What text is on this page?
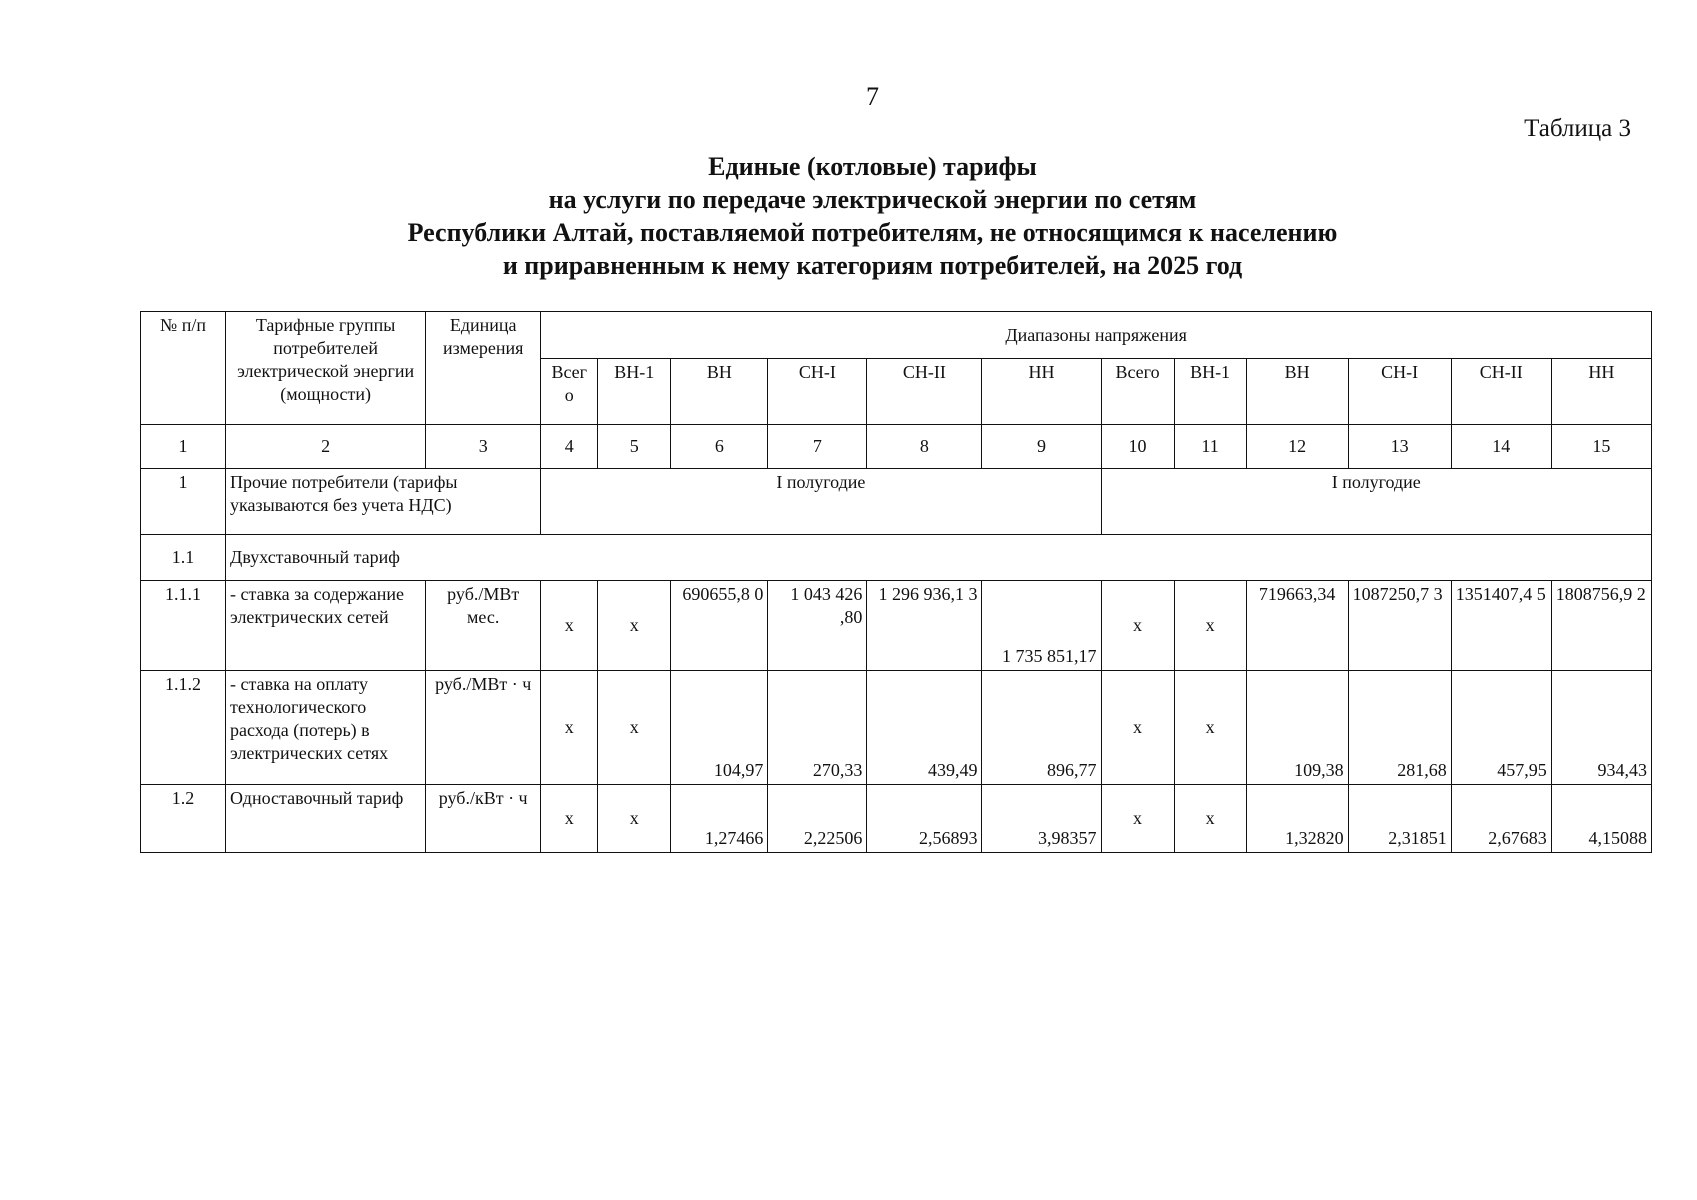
7
Таблица 3
Единые (котловые) тарифы
на услуги по передаче электрической энергии по сетям
Республики Алтай, поставляемой потребителям, не относящимся к населению
и приравненным к нему категориям потребителей, на 2025 год
№ п/п	Тарифные группы потребителей электрической энергии (мощности)	Единица измерения	Диапазоны напряжения											
			Всег о	ВН-1	ВН	СН-I	СН-II	НН	Всего	ВН-1	ВН	СН-I	СН-II	НН
1	2	3	4	5	6	7	8	9	10	11	12	13	14	15
1	Прочие потребители (тарифы указываются без учета НДС)		I полугодие						I полугодие					
1.1	Двухставочный тариф													
1.1.1	- ставка за содержание электрических сетей	руб./МВт мес.	х	х	690655,8 0	1 043 426 ,80	1 296 936,1 3	1 735 851,17	х	х	719663,34	1087250,7 3	1351407,4 5	1808756,9 2
1.1.2	- ставка на оплату технологического расхода (потерь) в электрических сетях	руб./МВт · ч	х	х	104,97	270,33	439,49	896,77	х	х	109,38	281,68	457,95	934,43
1.2	Одноставочный тариф	руб./кВт · ч	х	х	1,27466	2,22506	2,56893	3,98357	х	х	1,32820	2,31851	2,67683	4,15088
